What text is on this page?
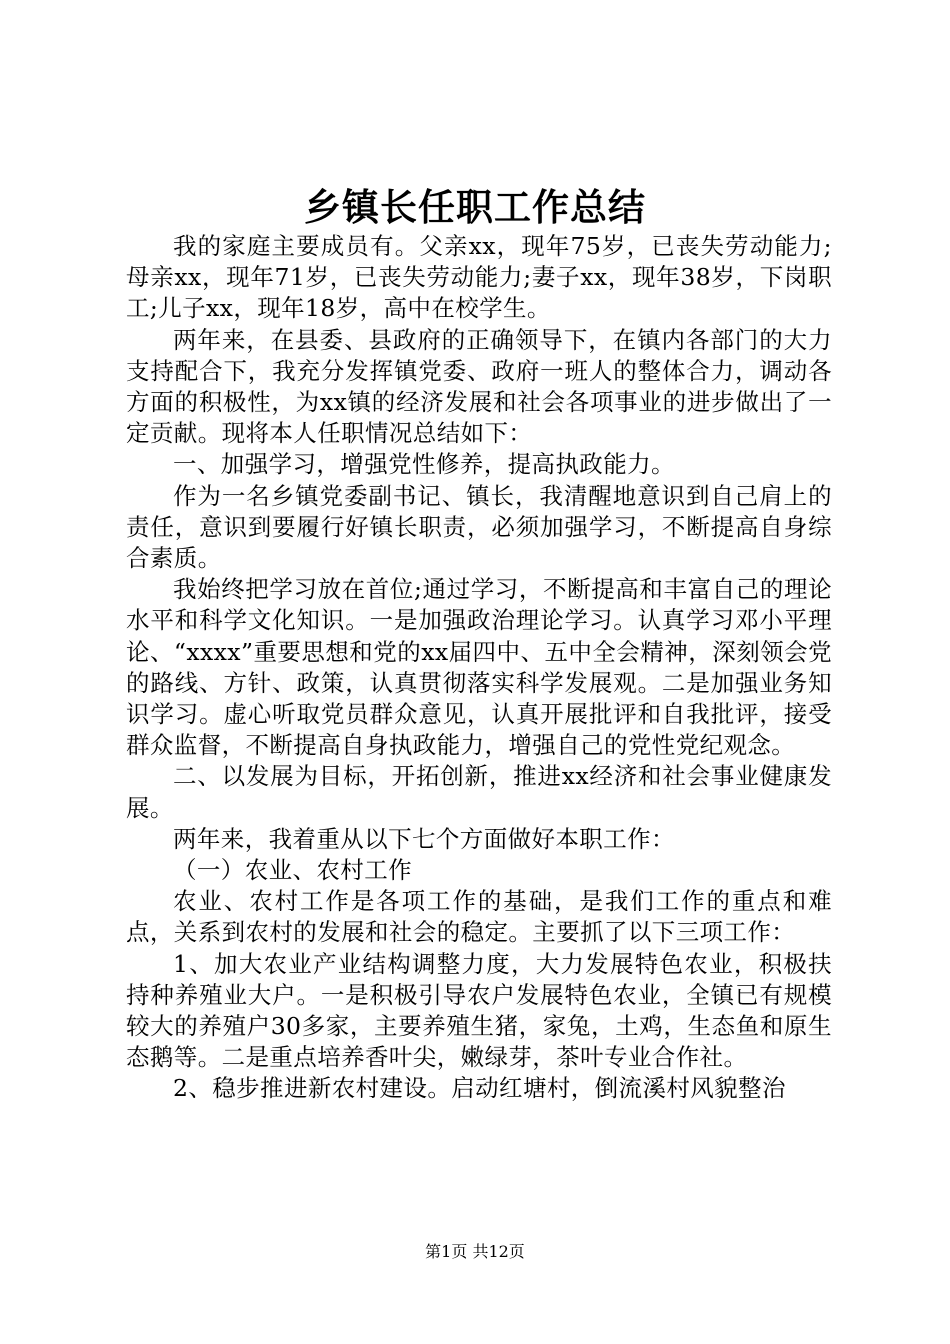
乡镇长任职工作总结

我的家庭主要成员有。父亲xx，现年75岁，已丧失劳动能力;母亲xx，现年71岁，已丧失劳动能力;妻子xx，现年38岁，下岗职工;儿子xx，现年18岁，高中在校学生。

两年来，在县委、县政府的正确领导下，在镇内各部门的大力支持配合下，我充分发挥镇党委、政府一班人的整体合力，调动各方面的积极性，为xx镇的经济发展和社会各项事业的进步做出了一定贡献。现将本人任职情况总结如下：

一、加强学习，增强党性修养，提高执政能力。

作为一名乡镇党委副书记、镇长，我清醒地意识到自己肩上的责任，意识到要履行好镇长职责，必须加强学习，不断提高自身综合素质。

我始终把学习放在首位;通过学习，不断提高和丰富自己的理论水平和科学文化知识。一是加强政治理论学习。认真学习邓小平理论、“xxxx”重要思想和党的xx届四中、五中全会精神，深刻领会党的路线、方针、政策，认真贯彻落实科学发展观。二是加强业务知识学习。虚心听取党员群众意见，认真开展批评和自我批评，接受群众监督，不断提高自身执政能力，增强自己的党性党纪观念。

二、以发展为目标，开拓创新，推进xx经济和社会事业健康发展。

两年来，我着重从以下七个方面做好本职工作：

（一）农业、农村工作

农业、农村工作是各项工作的基础，是我们工作的重点和难点，关系到农村的发展和社会的稳定。主要抓了以下三项工作：

1、加大农业产业结构调整力度，大力发展特色农业，积极扶持种养殖业大户。一是积极引导农户发展特色农业，全镇已有规模较大的养殖户30多家，主要养殖生猪，家兔，土鸡，生态鱼和原生态鹅等。二是重点培养香叶尖，嫩绿芽，茶叶专业合作社。

2、稳步推进新农村建设。启动红塘村，倒流溪村风貌整治

第1页 共12页
